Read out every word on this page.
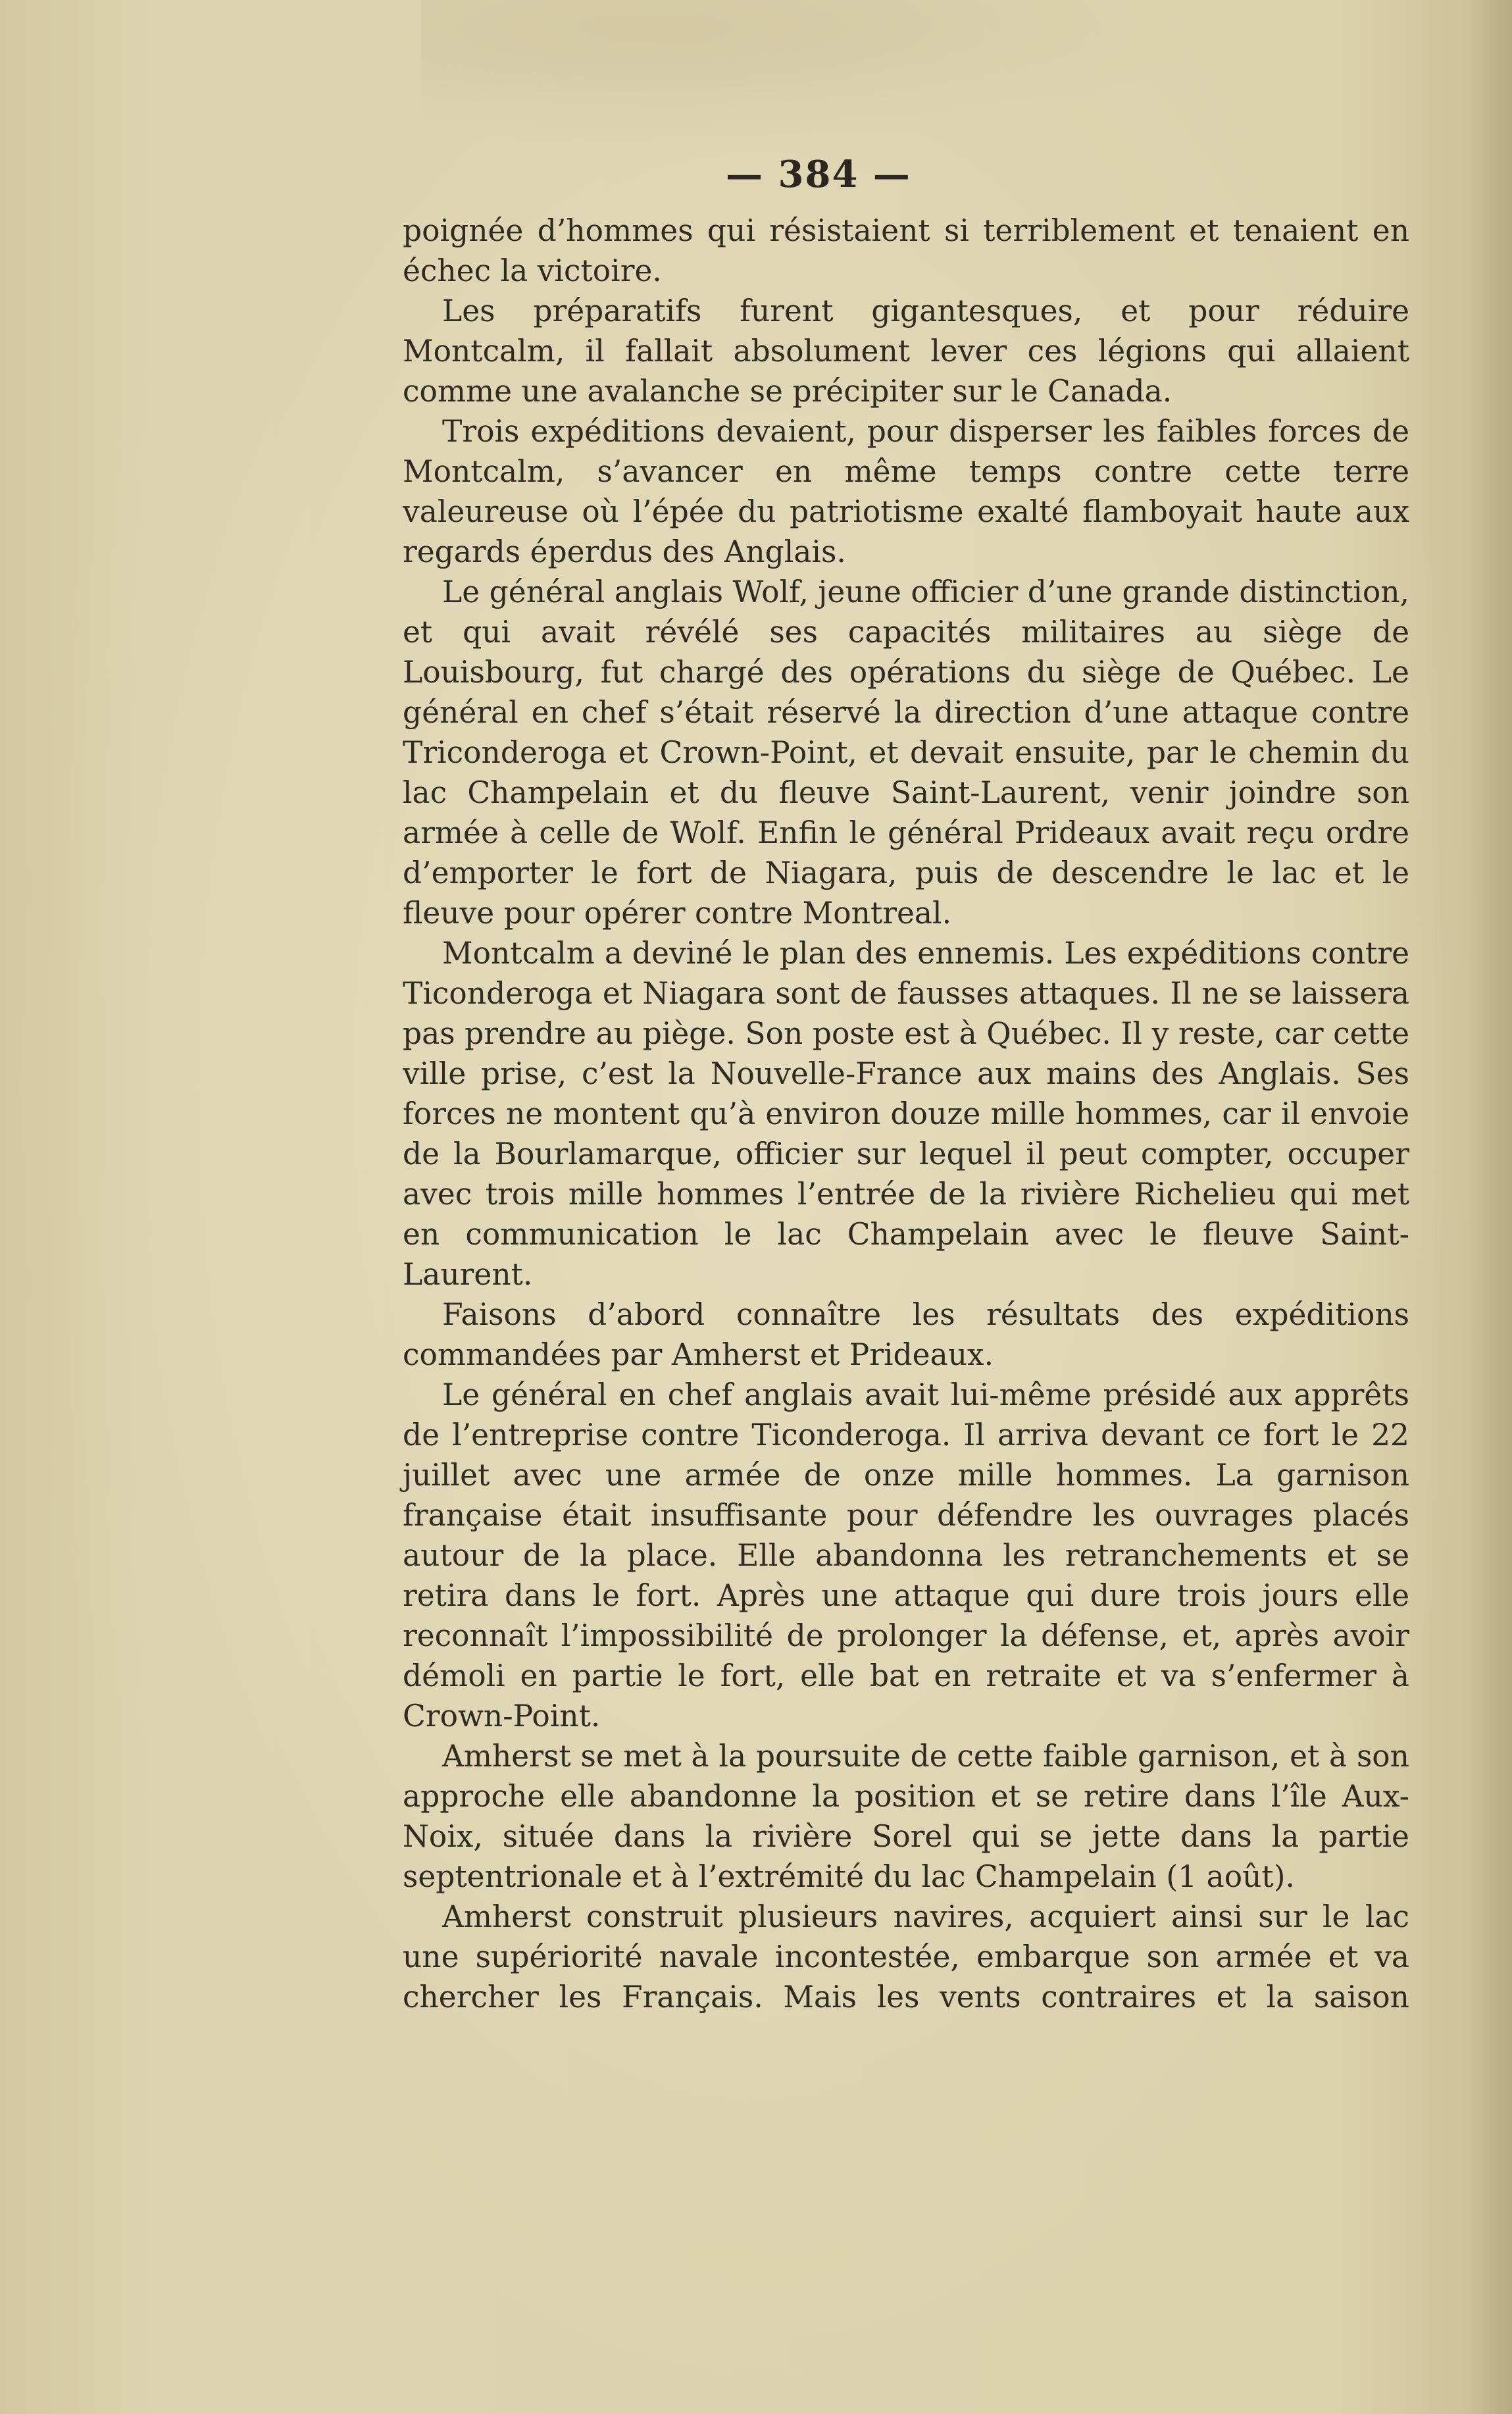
— 384 —

poignée d’hommes qui résistaient si terriblement et tenaient en échec la victoire.

Les préparatifs furent gigantesques, et pour réduire Montcalm, il fallait absolument lever ces légions qui allaient comme une avalanche se précipiter sur le Canada.

Trois expéditions devaient, pour disperser les faibles forces de Montcalm, s’avancer en même temps contre cette terre valeureuse où l’épée du patriotisme exalté flamboyait haute aux regards éperdus des Anglais.

Le général anglais Wolf, jeune officier d’une grande distinction, et qui avait révélé ses capacités militaires au siège de Louisbourg, fut chargé des opérations du siège de Québec. Le général en chef s’était réservé la direction d’une attaque contre Triconderoga et Crown-Point, et devait ensuite, par le chemin du lac Champelain et du fleuve Saint-Laurent, venir joindre son armée à celle de Wolf. Enfin le général Prideaux avait reçu ordre d’emporter le fort de Niagara, puis de descendre le lac et le fleuve pour opérer contre Montreal.

Montcalm a deviné le plan des ennemis. Les expéditions contre Ticonderoga et Niagara sont de fausses attaques. Il ne se laissera pas prendre au piège. Son poste est à Québec. Il y reste, car cette ville prise, c’est la Nouvelle-France aux mains des Anglais. Ses forces ne montent qu’à environ douze mille hommes, car il envoie de la Bourlamarque, officier sur lequel il peut compter, occuper avec trois mille hommes l’entrée de la rivière Richelieu qui met en communication le lac Champelain avec le fleuve Saint-Laurent.

Faisons d’abord connaître les résultats des expéditions commandées par Amherst et Prideaux.

Le général en chef anglais avait lui-même présidé aux apprêts de l’entreprise contre Ticonderoga. Il arriva devant ce fort le 22 juillet avec une armée de onze mille hommes. La garnison française était insuffisante pour défendre les ouvrages placés autour de la place. Elle abandonna les retranchements et se retira dans le fort. Après une attaque qui dure trois jours elle reconnaît l’impossibilité de prolonger la défense, et, après avoir démoli en partie le fort, elle bat en retraite et va s’enfermer à Crown-Point.

Amherst se met à la poursuite de cette faible garnison, et à son approche elle abandonne la position et se retire dans l’île Aux-Noix, située dans la rivière Sorel qui se jette dans la partie septentrionale et à l’extrémité du lac Champelain (1 août).

Amherst construit plusieurs navires, acquiert ainsi sur le lac une supériorité navale incontestée, embarque son armée et va chercher les Français. Mais les vents contraires et la saison
